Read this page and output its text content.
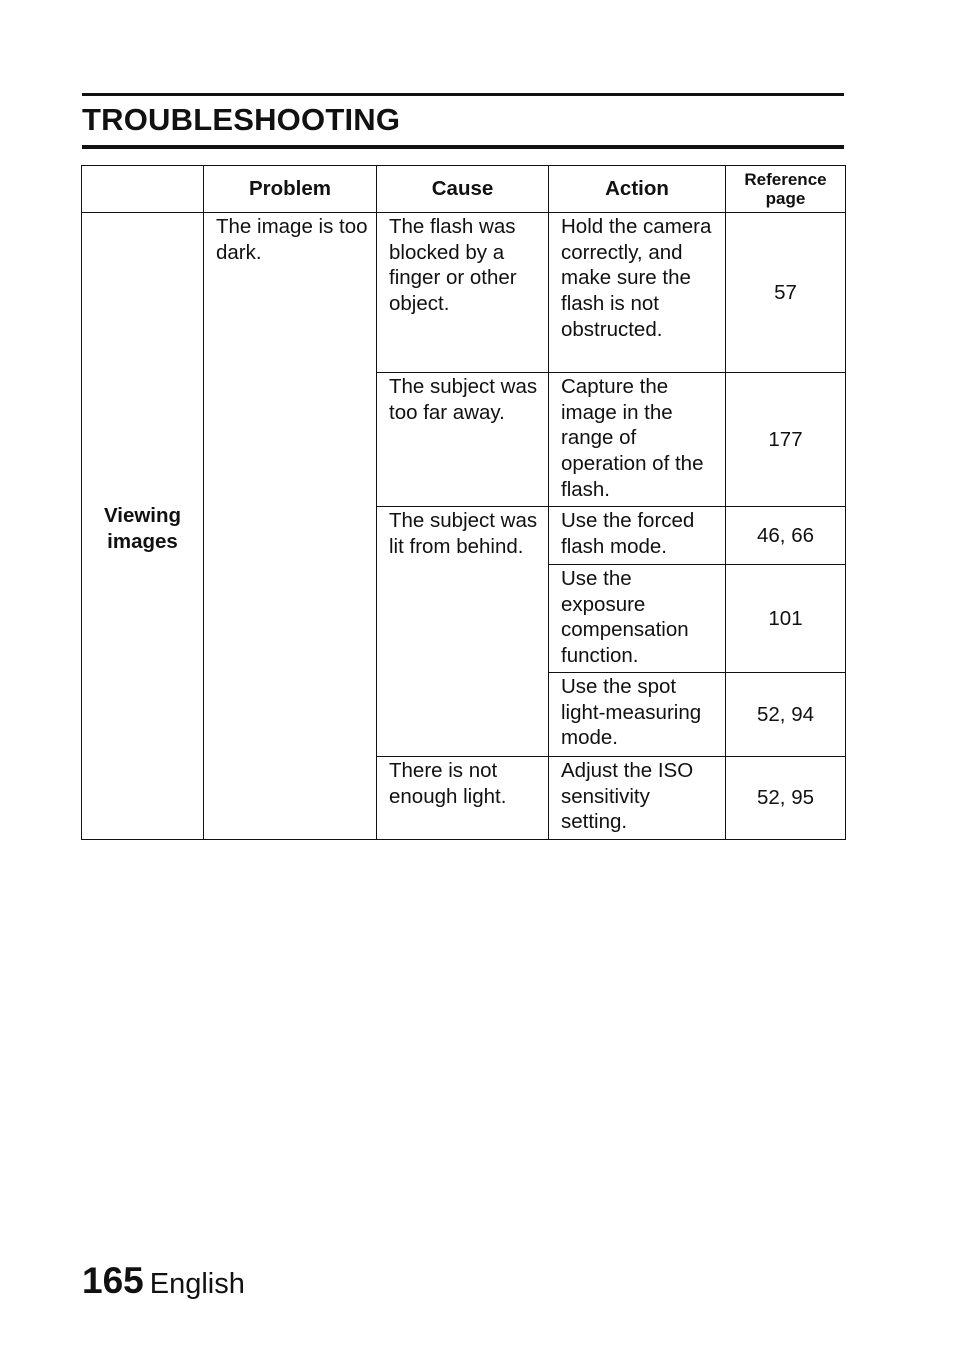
TROUBLESHOOTING
	Problem	Cause	Action	Reference
page

Viewing images	The image is too dark.	The flash was blocked by a finger or other object.	Hold the camera correctly, and make sure the flash is not obstructed.	57
		The subject was too far away.	Capture the image in the range of operation of the flash.	177
		The subject was lit from behind.	Use the forced flash mode.	46, 66
			Use the exposure compensation function.	101
			Use the spot light-measuring mode.	52, 94
		There is not enough light.	Adjust the ISO sensitivity setting.	52, 95
165 English
